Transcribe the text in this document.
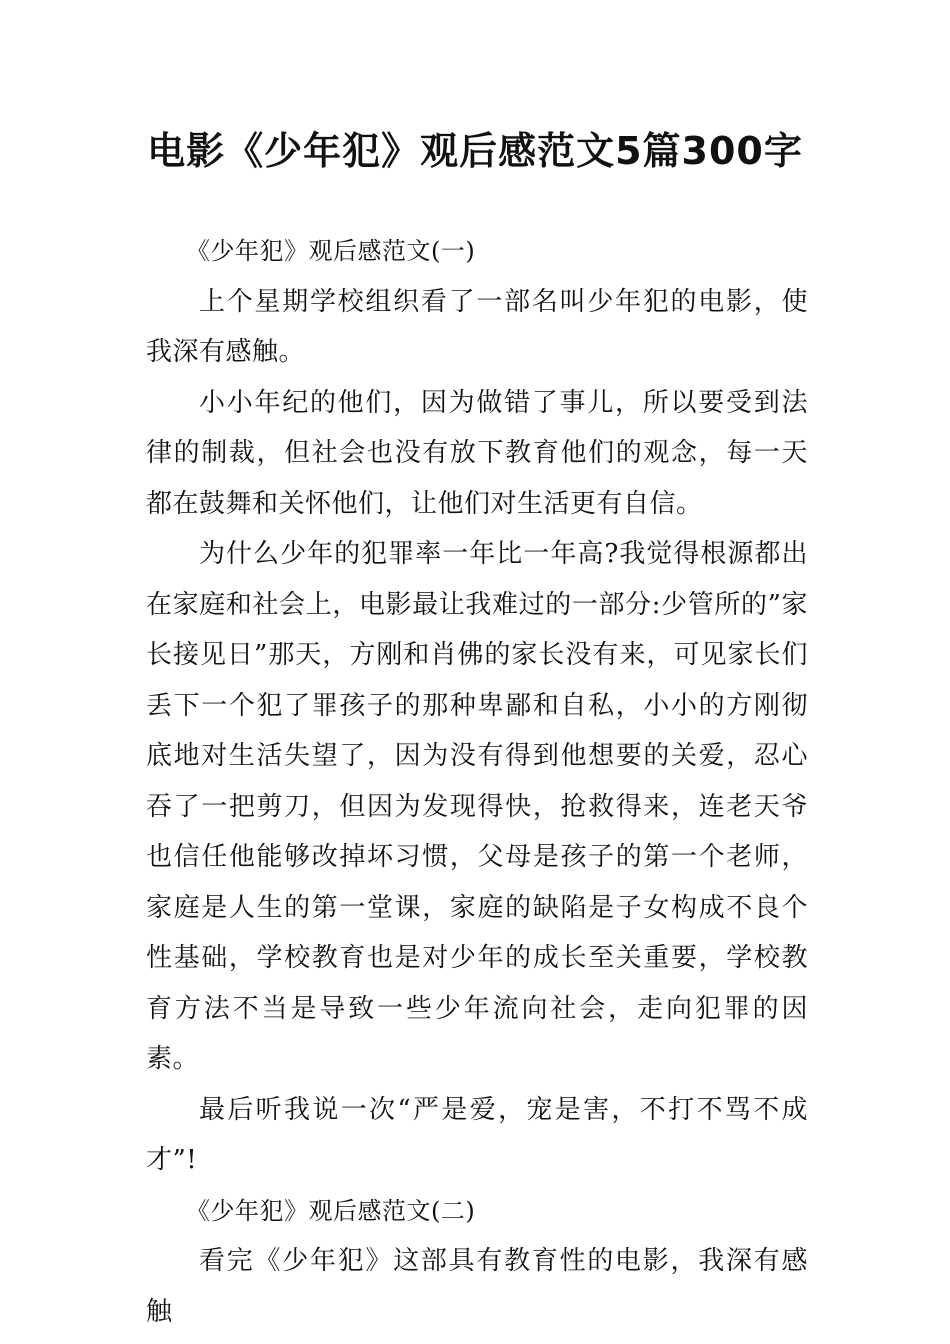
电影《少年犯》观后感范文5篇300字

《少年犯》观后感范文(一)

上个星期学校组织看了一部名叫少年犯的电影，使我深有感触。

小小年纪的他们，因为做错了事儿，所以要受到法律的制裁，但社会也没有放下教育他们的观念，每一天都在鼓舞和关怀他们，让他们对生活更有自信。

为什么少年的犯罪率一年比一年高?我觉得根源都出在家庭和社会上，电影最让我难过的一部分:少管所的”家长接见日”那天，方刚和肖佛的家长没有来，可见家长们丢下一个犯了罪孩子的那种卑鄙和自私，小小的方刚彻底地对生活失望了，因为没有得到他想要的关爱，忍心吞了一把剪刀，但因为发现得快，抢救得来，连老天爷也信任他能够改掉坏习惯，父母是孩子的第一个老师，家庭是人生的第一堂课，家庭的缺陷是子女构成不良个性基础，学校教育也是对少年的成长至关重要，学校教育方法不当是导致一些少年流向社会，走向犯罪的因素。

最后听我说一次“严是爱，宠是害，不打不骂不成才”!

《少年犯》观后感范文(二)

看完《少年犯》这部具有教育性的电影，我深有感触
